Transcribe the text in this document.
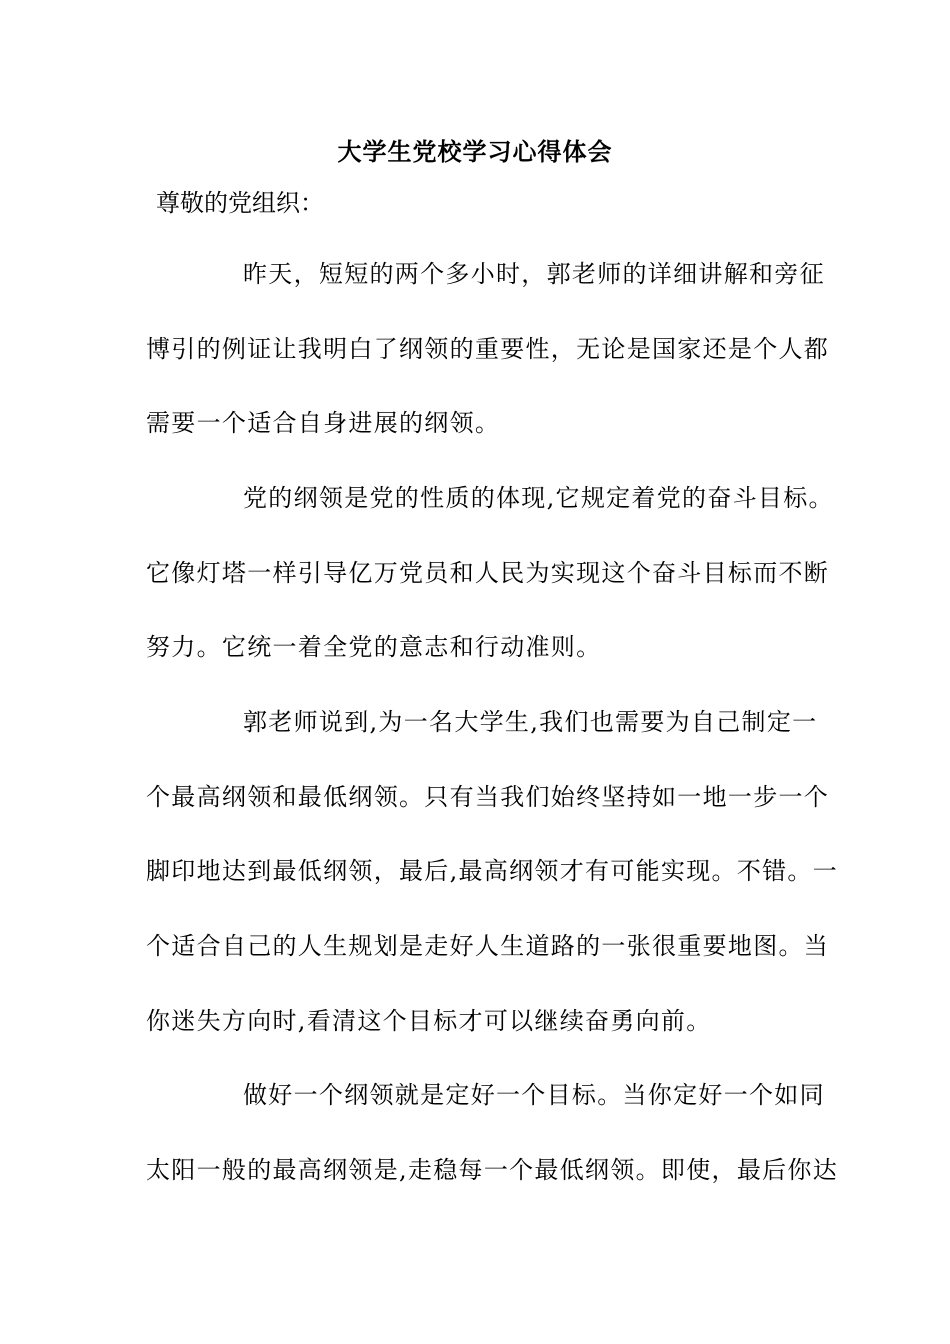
大学生党校学习心得体会
尊敬的党组织：
昨天，短短的两个多小时，郭老师的详细讲解和旁征
博引的例证让我明白了纲领的重要性，无论是国家还是个人都
需要一个适合自身进展的纲领。
党的纲领是党的性质的体现,它规定着党的奋斗目标。
它像灯塔一样引导亿万党员和人民为实现这个奋斗目标而不断
努力。它统一着全党的意志和行动准则。
郭老师说到,为一名大学生,我们也需要为自己制定一
个最高纲领和最低纲领。只有当我们始终坚持如一地一步一个
脚印地达到最低纲领，最后,最高纲领才有可能实现。不错。一
个适合自己的人生规划是走好人生道路的一张很重要地图。当
你迷失方向时,看清这个目标才可以继续奋勇向前。
做好一个纲领就是定好一个目标。当你定好一个如同
太阳一般的最高纲领是,走稳每一个最低纲领。即使，最后你达
